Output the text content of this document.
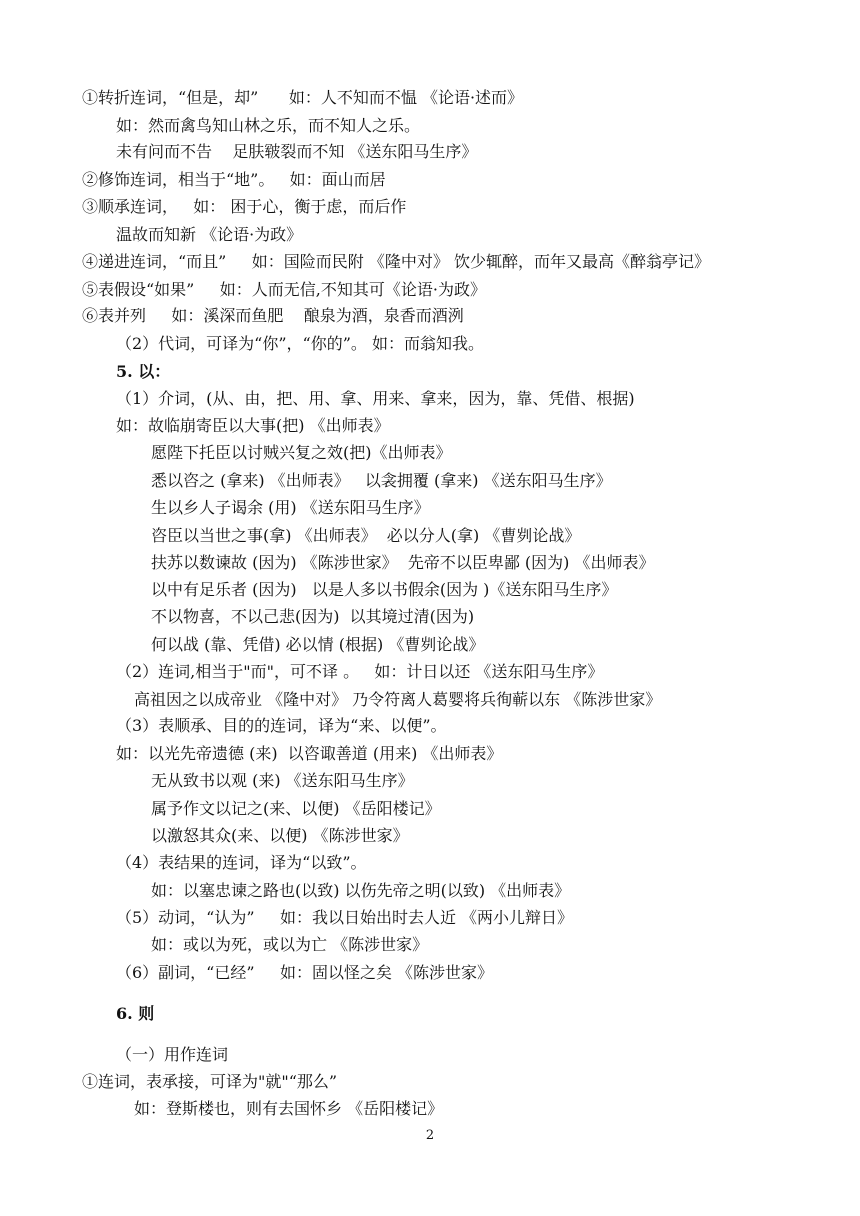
①转折连词，“但是，却”      如：人不知而不愠 《论语·述而》
如：然而禽鸟知山林之乐，而不知人之乐。
未有问而不告    足肤皲裂而不知 《送东阳马生序》
②修饰连词，相当于“地”。   如：面山而居
③顺承连词，   如： 困于心，衡于虑，而后作
温故而知新 《论语·为政》
④递进连词，“而且”     如：国险而民附 《隆中对》 饮少辄醉，而年又最高《醉翁亭记》
⑤表假设“如果”     如：人而无信,不知其可《论语·为政》
⑥表并列     如：溪深而鱼肥    酿泉为酒，泉香而酒洌
（2）代词，可译为“你”，“你的”。 如：而翁知我。
5. 以：
（1）介词，(从、由，把、用、拿、用来、拿来，因为，靠、凭借、根据)
如：故临崩寄臣以大事(把) 《出师表》
愿陛下托臣以讨贼兴复之效(把)《出师表》
悉以咨之 (拿来) 《出师表》   以衾拥覆 (拿来) 《送东阳马生序》
生以乡人子谒余 (用) 《送东阳马生序》
咨臣以当世之事(拿) 《出师表》  必以分人(拿) 《曹刿论战》
扶苏以数谏故 (因为) 《陈涉世家》  先帝不以臣卑鄙 (因为) 《出师表》
以中有足乐者 (因为)   以是人多以书假余(因为 )《送东阳马生序》
不以物喜，不以己悲(因为)  以其境过清(因为)
何以战 (靠、凭借) 必以情 (根据) 《曹刿论战》
（2）连词,相当于"而"，可不译 。   如：计日以还 《送东阳马生序》
高祖因之以成帝业 《隆中对》 乃令符离人葛婴将兵徇蕲以东 《陈涉世家》
（3）表顺承、目的的连词，译为“来、以便”。
如：以光先帝遗德 (来)  以咨诹善道 (用来) 《出师表》
无从致书以观 (来) 《送东阳马生序》
属予作文以记之(来、以便) 《岳阳楼记》
以激怒其众(来、以便) 《陈涉世家》
（4）表结果的连词，译为“以致”。
如：以塞忠谏之路也(以致) 以伤先帝之明(以致) 《出师表》
（5）动词，“认为”     如：我以日始出时去人近 《两小儿辩日》
如：或以为死，或以为亡 《陈涉世家》
（6）副词，“已经”     如：固以怪之矣 《陈涉世家》
6. 则
（一）用作连词
①连词，表承接，可译为"就"“那么”
如：登斯楼也，则有去国怀乡 《岳阳楼记》
2
